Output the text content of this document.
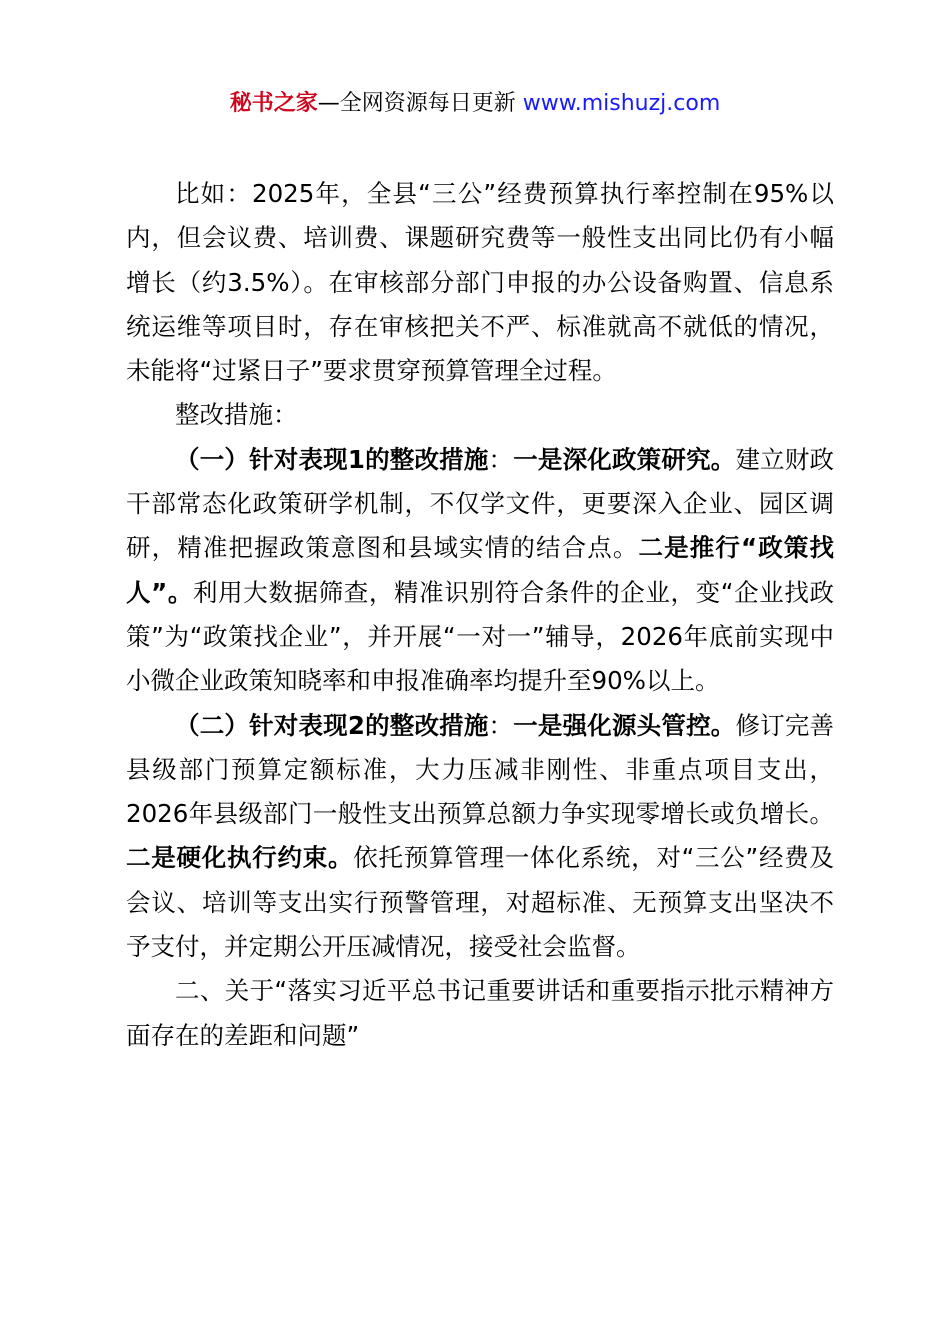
秘书之家—全网资源每日更新 www.mishuzj.com

比如：2025年，全县“三公”经费预算执行率控制在95%以内，但会议费、培训费、课题研究费等一般性支出同比仍有小幅增长（约3.5%）。在审核部分部门申报的办公设备购置、信息系统运维等项目时，存在审核把关不严、标准就高不就低的情况，未能将“过紧日子”要求贯穿预算管理全过程。

整改措施：

（一）针对表现1的整改措施：一是深化政策研究。建立财政干部常态化政策研学机制，不仅学文件，更要深入企业、园区调研，精准把握政策意图和县域实情的结合点。二是推行“政策找人”。利用大数据筛查，精准识别符合条件的企业，变“企业找政策”为“政策找企业”，并开展“一对一”辅导，2026年底前实现中小微企业政策知晓率和申报准确率均提升至90%以上。

（二）针对表现2的整改措施：一是强化源头管控。修订完善县级部门预算定额标准，大力压减非刚性、非重点项目支出，2026年县级部门一般性支出预算总额力争实现零增长或负增长。二是硬化执行约束。依托预算管理一体化系统，对“三公”经费及会议、培训等支出实行预警管理，对超标准、无预算支出坚决不予支付，并定期公开压减情况，接受社会监督。

二、关于“落实习近平总书记重要讲话和重要指示批示精神方面存在的差距和问题”
